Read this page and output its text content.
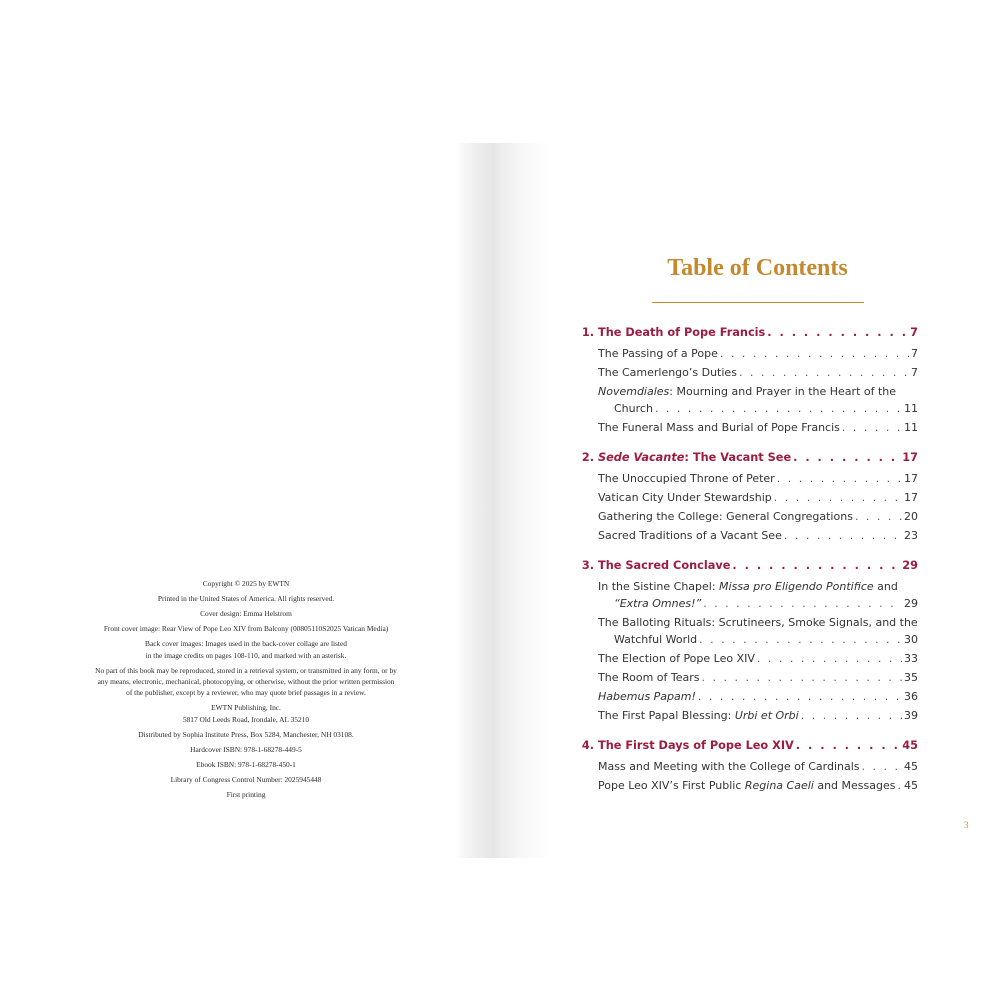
Copyright © 2025 by EWTN

Printed in the United States of America. All rights reserved.

Cover design: Emma Helstrom

Front cover image: Rear View of Pope Leo XIV from Balcony (00805110S2025 Vatican Media)

Back cover images: Images used in the back-cover collage are listed
in the image credits on pages 108-110, and marked with an asterisk.

No part of this book may be reproduced, stored in a retrieval system, or transmitted in any form, or by
any means, electronic, mechanical, photocopying, or otherwise, without the prior written permission
of the publisher, except by a reviewer, who may quote brief passages in a review.

EWTN Publishing, Inc.
5817 Old Leeds Road, Irondale, AL 35210

Distributed by Sophia Institute Press, Box 5284, Manchester, NH 03108.

Hardcover ISBN: 978-1-68278-449-5

Ebook ISBN: 978-1-68278-450-1

Library of Congress Control Number: 2025945448

First printing

Table of Contents
1. The Death of Pope Francis . . .	7
The Passing of a Pope . . .	7
The Camerlengo’s Duties . . .	7
Novemdiales: Mourning and Prayer in the Heart of the
Church . . .	11
The Funeral Mass and Burial of Pope Francis . . .	11
2. Sede Vacante: The Vacant See . . .	17
The Unoccupied Throne of Peter . . .	17
Vatican City Under Stewardship . . .	17
Gathering the College: General Congregations . . .	20
Sacred Traditions of a Vacant See . . .	23
3. The Sacred Conclave . . .	29
In the Sistine Chapel: Missa pro Eligendo Pontifice and
“Extra Omnes!” . . .	29
The Balloting Rituals: Scrutineers, Smoke Signals, and the
Watchful World . . .	30
The Election of Pope Leo XIV . . .	33
The Room of Tears . . .	35
Habemus Papam! . . .	36
The First Papal Blessing: Urbi et Orbi . . .	39
4. The First Days of Pope Leo XIV . . .	45
Mass and Meeting with the College of Cardinals . . .	45
Pope Leo XIV’s First Public Regina Caeli and Messages . . . 45
3
